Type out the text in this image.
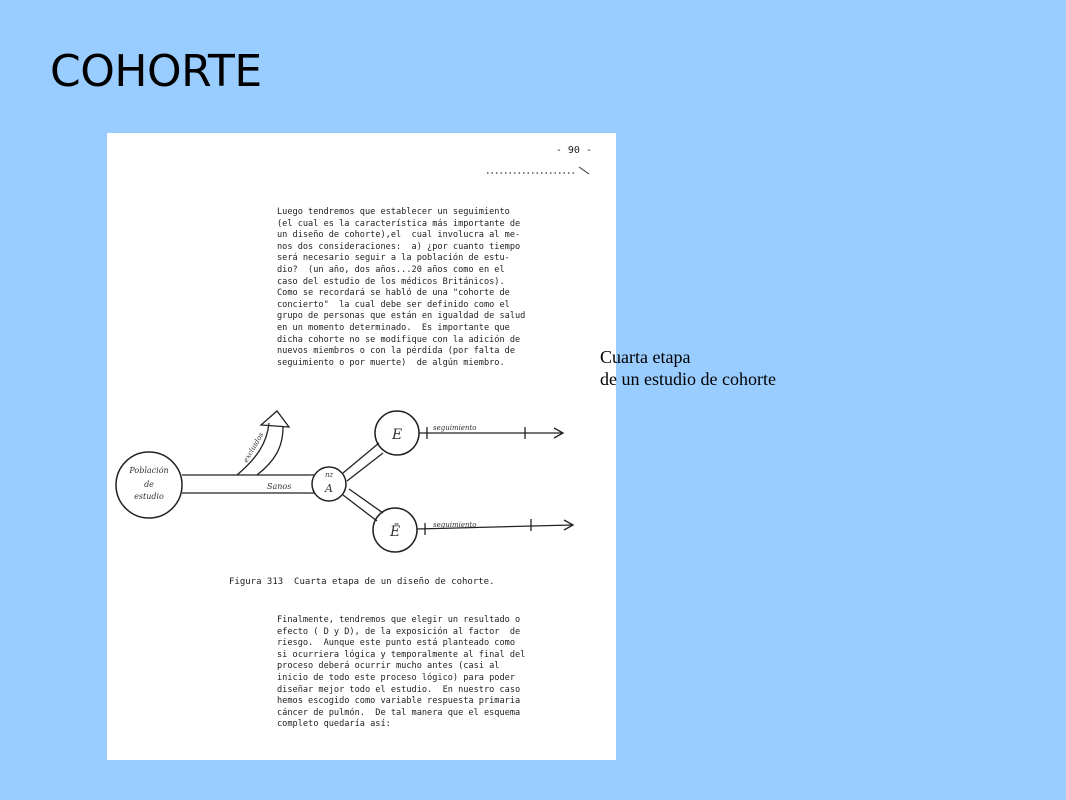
COHORTE
- 90 -
Luego tendremos que establecer un seguimiento
(el cual es la característica más importante de
un diseño de cohorte),el  cual involucra al me-
nos dos consideraciones:  a) ¿por cuanto tiempo
será necesario seguir a la población de estu-
dio?  (un año, dos años...20 años como en el
caso del estudio de los médicos Británicos).
Como se recordará se habló de una "cohorte de
concierto"  la cual debe ser definido como el
grupo de personas que están en igualdad de salud
en un momento determinado.  Es importante que
dicha cohorte no se modifique con la adición de
nuevos miembros o con la pérdida (por falta de
seguimiento o por muerte)  de algún miembro.
Población
de
estudio
Sanos
excluidos
nz
A
E
Ē
seguimiento
seguimiento
Figura 313  Cuarta etapa de un diseño de cohorte.
Finalmente, tendremos que elegir un resultado o
efecto ( D y D), de la exposición al factor  de
riesgo.  Aunque este punto está planteado como
si ocurriera lógica y temporalmente al final del
proceso deberá ocurrir mucho antes (casi al
inicio de todo este proceso lógico) para poder
diseñar mejor todo el estudio.  En nuestro caso
hemos escogido como variable respuesta primaria
cáncer de pulmón.  De tal manera que el esquema
completo quedaría así:
Cuarta etapa
de un estudio de cohorte
